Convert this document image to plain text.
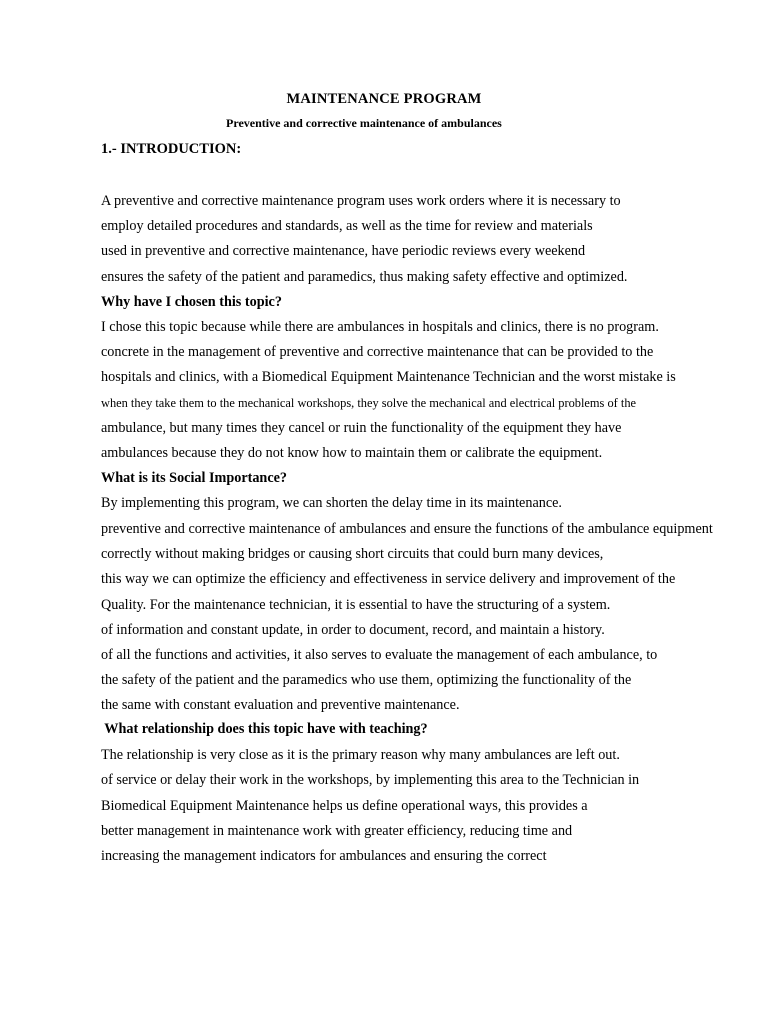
MAINTENANCE PROGRAM
Preventive and corrective maintenance of ambulances
1.- INTRODUCTION:
A preventive and corrective maintenance program uses work orders where it is necessary to
employ detailed procedures and standards, as well as the time for review and materials
used in preventive and corrective maintenance, have periodic reviews every weekend
ensures the safety of the patient and paramedics, thus making safety effective and optimized.
Why have I chosen this topic?
I chose this topic because while there are ambulances in hospitals and clinics, there is no program.
concrete in the management of preventive and corrective maintenance that can be provided to the
hospitals and clinics, with a Biomedical Equipment Maintenance Technician and the worst mistake is
when they take them to the mechanical workshops, they solve the mechanical and electrical problems of the
ambulance, but many times they cancel or ruin the functionality of the equipment they have
ambulances because they do not know how to maintain them or calibrate the equipment.
What is its Social Importance?
By implementing this program, we can shorten the delay time in its maintenance.
preventive and corrective maintenance of ambulances and ensure the functions of the ambulance equipment
correctly without making bridges or causing short circuits that could burn many devices,
this way we can optimize the efficiency and effectiveness in service delivery and improvement of the
Quality. For the maintenance technician, it is essential to have the structuring of a system.
of information and constant update, in order to document, record, and maintain a history.
of all the functions and activities, it also serves to evaluate the management of each ambulance, to
the safety of the patient and the paramedics who use them, optimizing the functionality of the
the same with constant evaluation and preventive maintenance.
What relationship does this topic have with teaching?
The relationship is very close as it is the primary reason why many ambulances are left out.
of service or delay their work in the workshops, by implementing this area to the Technician in
Biomedical Equipment Maintenance helps us define operational ways, this provides a
better management in maintenance work with greater efficiency, reducing time and
increasing the management indicators for ambulances and ensuring the correct
